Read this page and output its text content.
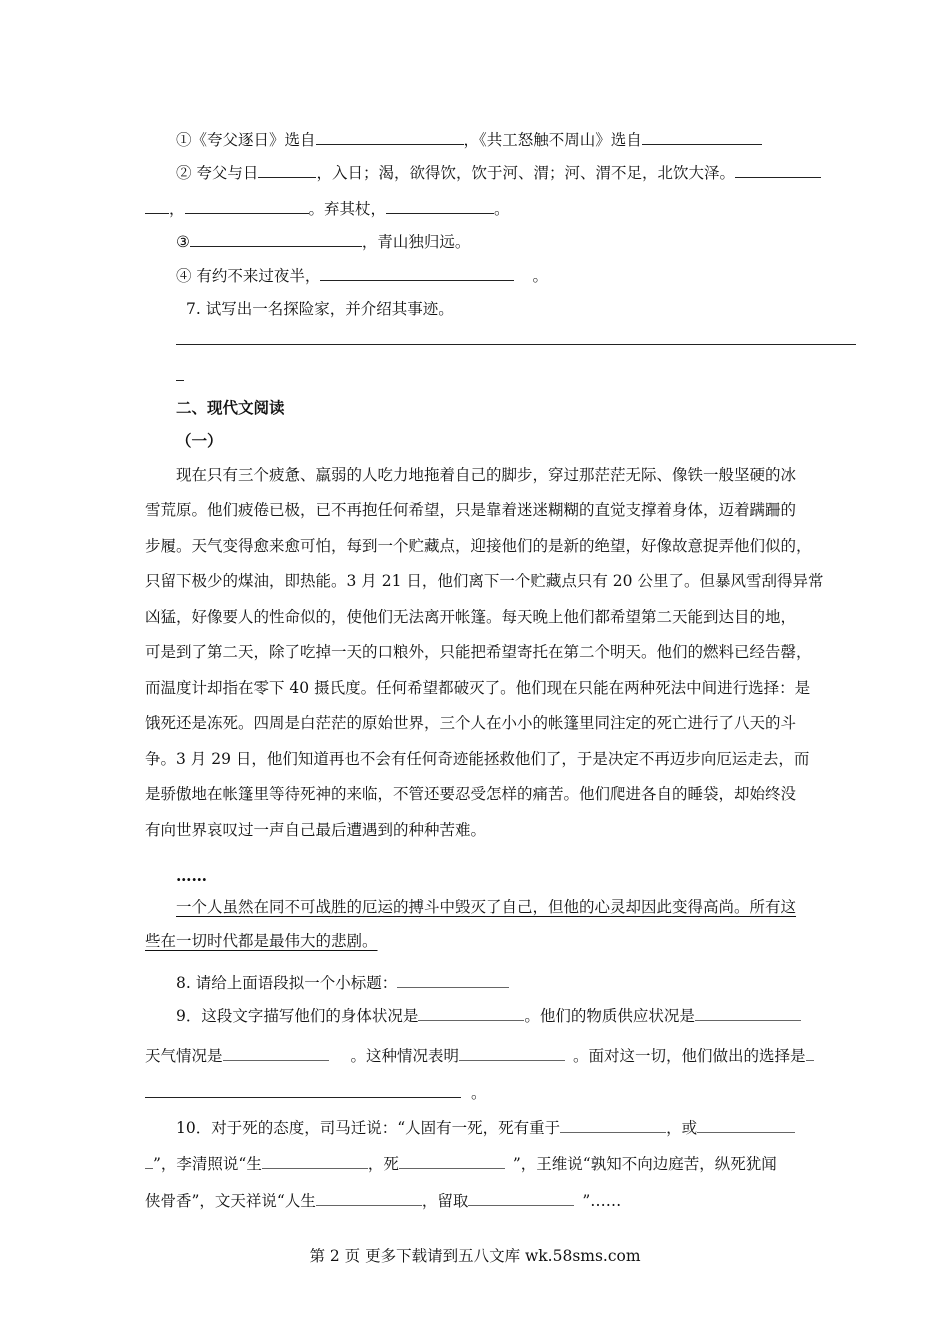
①《夸父逐日》选自	，《共工怒触不周山》选自
② 夸父与日	，入日；渴，欲得饮，饮于河、渭；河、渭不足，北饮大泽。
，	。弃其杖，	。
③	，青山独归远。
④ 有约不来过夜半，	。
7. 试写出一名探险家，并介绍其事迹。
二、现代文阅读
（一）
现在只有三个疲惫、羸弱的人吃力地拖着自己的脚步，穿过那茫茫无际、像铁一般坚硬的冰
雪荒原。他们疲倦已极，已不再抱任何希望，只是靠着迷迷糊糊的直觉支撑着身体，迈着蹒跚的
步履。天气变得愈来愈可怕，每到一个贮藏点，迎接他们的是新的绝望，好像故意捉弄他们似的，
只留下极少的煤油，即热能。3 月 21 日，他们离下一个贮藏点只有 20 公里了。但暴风雪刮得异常
凶猛，好像要人的性命似的，使他们无法离开帐篷。每天晚上他们都希望第二天能到达目的地，
可是到了第二天，除了吃掉一天的口粮外，只能把希望寄托在第二个明天。他们的燃料已经告罄，
而温度计却指在零下 40 摄氏度。任何希望都破灭了。他们现在只能在两种死法中间进行选择：是
饿死还是冻死。四周是白茫茫的原始世界，三个人在小小的帐篷里同注定的死亡进行了八天的斗
争。3 月 29 日，他们知道再也不会有任何奇迹能拯救他们了，于是决定不再迈步向厄运走去，而
是骄傲地在帐篷里等待死神的来临，不管还要忍受怎样的痛苦。他们爬进各自的睡袋，却始终没
有向世界哀叹过一声自己最后遭遇到的种种苦难。
……
一个人虽然在同不可战胜的厄运的搏斗中毁灭了自己，但他的心灵却因此变得高尚。所有这
些在一切时代都是最伟大的悲剧。
8. 请给上面语段拟一个小标题：
9．这段文字描写他们的身体状况是	。他们的物质供应状况是
天气情况是	。这种情况表明	。面对这一切，他们做出的选择是
。
10．对于死的态度，司马迁说：“人固有一死，死有重于	，或
”，李清照说“生	，死	”，王维说“孰知不向边庭苦，纵死犹闻
侠骨香”，文天祥说“人生	，留取	”……
第 2 页 更多下载请到五八文库 wk.58sms.com
